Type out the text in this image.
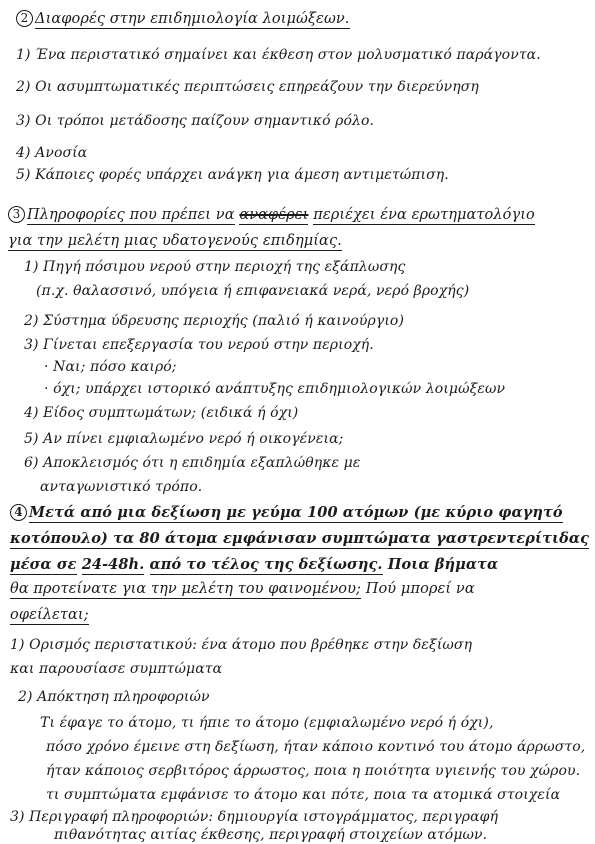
2 Διαφορές στην επιδημιολογία λοιμώξεων.
1) Ένα περιστατικό σημαίνει και έκθεση στον μολυσματικό παράγοντα.
2) Οι ασυμπτωματικές περιπτώσεις επηρεάζουν την διερεύνηση
3) Οι τρόποι μετάδοσης παίζουν σημαντικό ρόλο.
4) Ανοσία
5) Κάποιες φορές υπάρχει ανάγκη για άμεση αντιμετώπιση.
3 Πληροφορίες που πρέπει να αναφέρει περιέχει ένα ερωτηματολόγιο
για την μελέτη μιας υδατογενούς επιδημίας.
1) Πηγή πόσιμου νερού στην περιοχή της εξάπλωσης
(π.χ. θαλασσινό, υπόγεια ή επιφανειακά νερά, νερό βροχής)
2) Σύστημα ύδρευσης περιοχής (παλιό ή καινούργιο)
3) Γίνεται επεξεργασία του νερού στην περιοχή.
· Ναι; πόσο καιρό;
· όχι; υπάρχει ιστορικό ανάπτυξης επιδημιολογικών λοιμώξεων
4) Είδος συμπτωμάτων; (ειδικά ή όχι)
5) Αν πίνει εμφιαλωμένο νερό ή οικογένεια;
6) Αποκλεισμός ότι η επιδημία εξαπλώθηκε με
ανταγωνιστικό τρόπο.
4 Μετά από μια δεξίωση με γεύμα 100 ατόμων (με κύριο φαγητό
κοτόπουλο) τα 80 άτομα εμφάνισαν συμπτώματα γαστρεντερίτιδας
μέσα σε 24-48h. από το τέλος της δεξίωσης. Ποια βήματα
θα προτείνατε για την μελέτη του φαινομένου; Πού μπορεί να
οφείλεται;
1) Ορισμός περιστατικού: ένα άτομο που βρέθηκε στην δεξίωση
και παρουσίασε συμπτώματα
2) Απόκτηση πληροφοριών
Τι έφαγε το άτομο, τι ήπιε το άτομο (εμφιαλωμένο νερό ή όχι),
πόσο χρόνο έμεινε στη δεξίωση, ήταν κάποιο κοντινό του άτομο άρρωστο,
ήταν κάποιος σερβιτόρος άρρωστος, ποια η ποιότητα υγιεινής του χώρου.
τι συμπτώματα εμφάνισε το άτομο και πότε, ποια τα ατομικά στοιχεία
3) Περιγραφή πληροφοριών: δημιουργία ιστογράμματος, περιγραφή
πιθανότητας αιτίας έκθεσης, περιγραφή στοιχείων ατόμων.
